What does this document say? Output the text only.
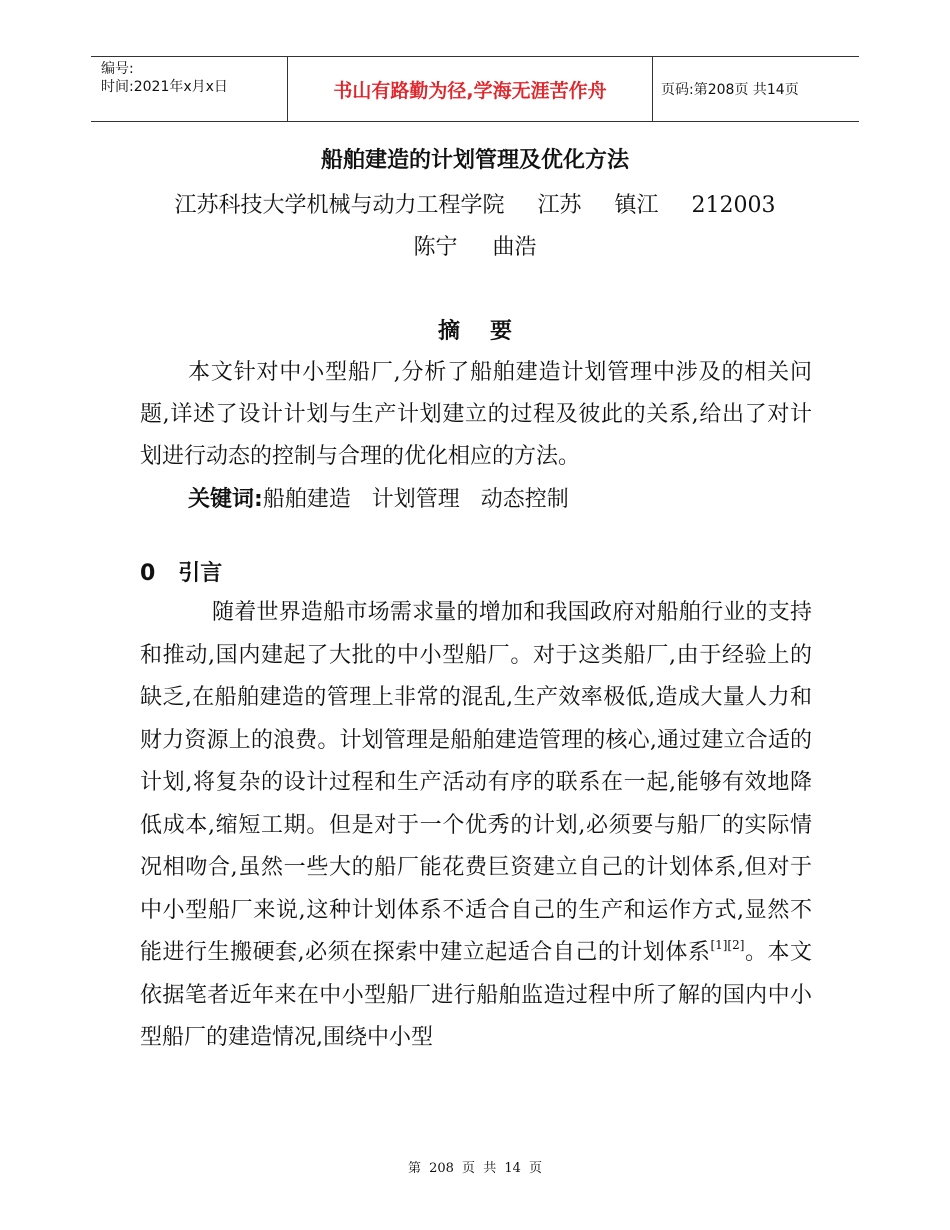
编号:
时间:2021年x月x日	书山有路勤为径,学海无涯苦作舟	页码:第208页 共14页
船舶建造的计划管理及优化方法
江苏科技大学机械与动力工程学院   江苏   镇江   212003
陈宁     曲浩
摘要
本文针对中小型船厂,分析了船舶建造计划管理中涉及的相关问题,详述了设计计划与生产计划建立的过程及彼此的关系,给出了对计划进行动态的控制与合理的优化相应的方法。
关键词:船舶建造   计划管理   动态控制
0   引言
随着世界造船市场需求量的增加和我国政府对船舶行业的支持和推动,国内建起了大批的中小型船厂。对于这类船厂,由于经验上的缺乏,在船舶建造的管理上非常的混乱,生产效率极低,造成大量人力和财力资源上的浪费。计划管理是船舶建造管理的核心,通过建立合适的计划,将复杂的设计过程和生产活动有序的联系在一起,能够有效地降低成本,缩短工期。但是对于一个优秀的计划,必须要与船厂的实际情况相吻合,虽然一些大的船厂能花费巨资建立自己的计划体系,但对于中小型船厂来说,这种计划体系不适合自己的生产和运作方式,显然不能进行生搬硬套,必须在探索中建立起适合自己的计划体系[1][2]。本文依据笔者近年来在中小型船厂进行船舶监造过程中所了解的国内中小型船厂的建造情况,围绕中小型
第 208 页 共 14 页
